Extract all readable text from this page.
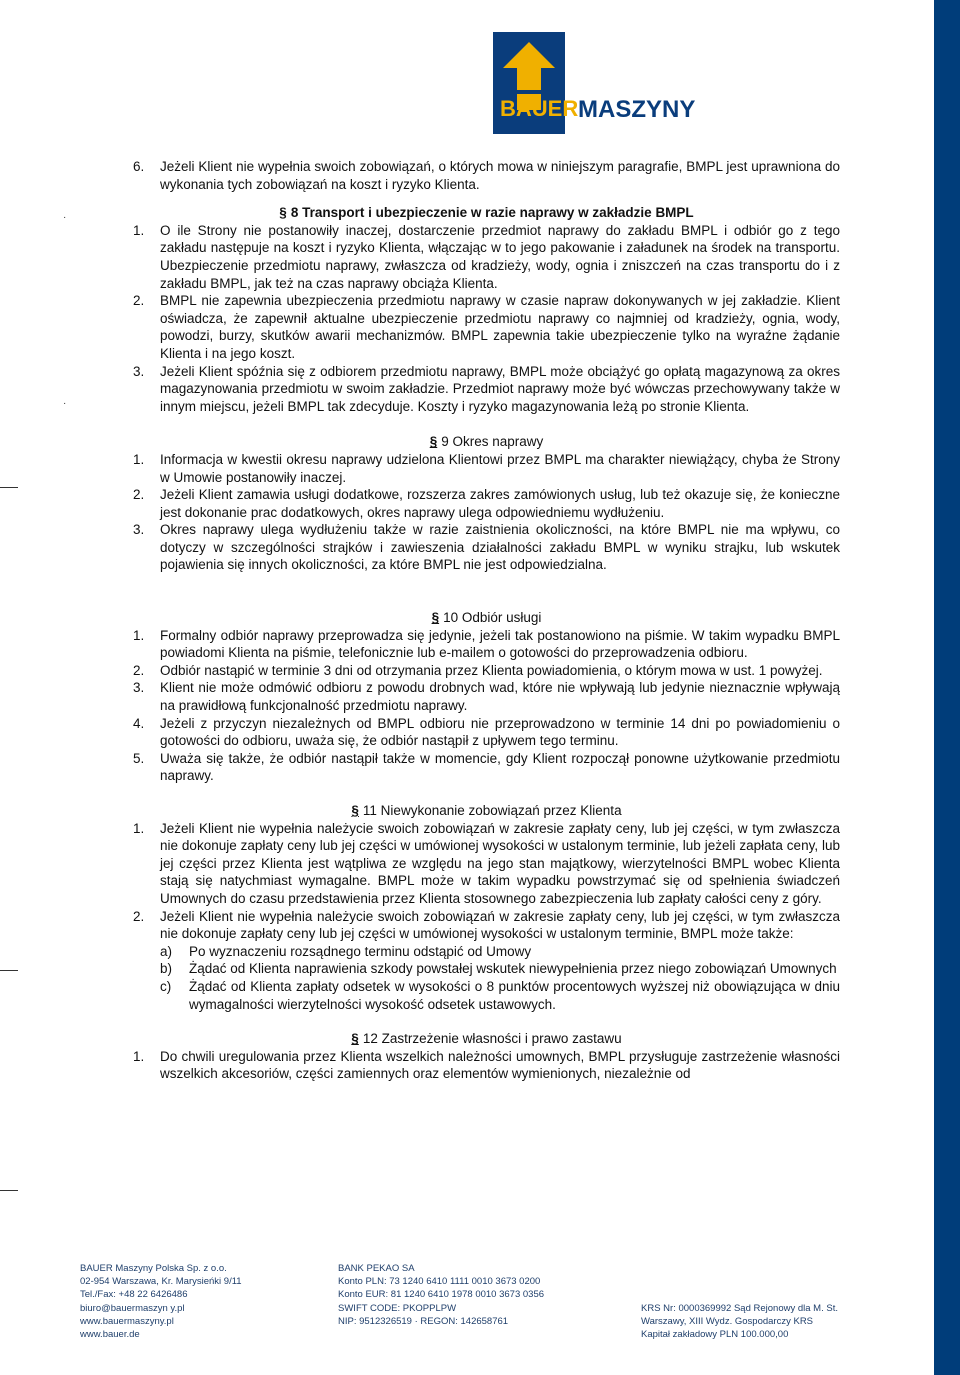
BAUER MASZYNY
·
·
6.	Jeżeli Klient nie wypełnia swoich zobowiązań, o których mowa w niniejszym paragrafie, BMPL jest uprawniona do wykonania tych zobowiązań na koszt i ryzyko Klienta.
§ 8 Transport i ubezpieczenie w razie naprawy w zakładzie BMPL
1.	O ile Strony nie postanowiły inaczej, dostarczenie przedmiot naprawy do zakładu BMPL i odbiór go z tego zakładu następuje na koszt i ryzyko Klienta, włączając w to jego pakowanie i załadunek na środek na transportu. Ubezpieczenie przedmiotu naprawy, zwłaszcza od kradzieży, wody, ognia i zniszczeń na czas transportu do i z zakładu BMPL, jak też na czas naprawy obciąża Klienta.
2.	BMPL nie zapewnia ubezpieczenia przedmiotu naprawy w czasie napraw dokonywanych w jej zakładzie. Klient oświadcza, że zapewnił aktualne ubezpieczenie przedmiotu naprawy co najmniej od kradzieży, ognia, wody, powodzi, burzy, skutków awarii mechanizmów. BMPL zapewnia takie ubezpieczenie tylko na wyraźne żądanie Klienta i na jego koszt.
3.	Jeżeli Klient spóźnia się z odbiorem przedmiotu naprawy, BMPL może obciążyć go opłatą magazynową za okres magazynowania przedmiotu w swoim zakładzie. Przedmiot naprawy może być wówczas przechowywany także w innym miejscu, jeżeli BMPL tak zdecyduje. Koszty i ryzyko magazynowania leżą po stronie Klienta.
§ 9 Okres naprawy
1.	Informacja w kwestii okresu naprawy udzielona Klientowi przez BMPL ma charakter niewiążący, chyba że Strony w Umowie postanowiły inaczej.
2.	Jeżeli Klient zamawia usługi dodatkowe, rozszerza zakres zamówionych usług, lub też okazuje się, że konieczne jest dokonanie prac dodatkowych, okres naprawy ulega odpowiedniemu wydłużeniu.
3.	Okres naprawy ulega wydłużeniu także w razie zaistnienia okoliczności, na które BMPL nie ma wpływu, co dotyczy w szczególności strajków i zawieszenia działalności zakładu BMPL w wyniku strajku, lub wskutek pojawienia się innych okoliczności, za które BMPL nie jest odpowiedzialna.
§ 10 Odbiór usługi
1.	Formalny odbiór naprawy przeprowadza się jedynie, jeżeli tak postanowiono na piśmie. W takim wypadku BMPL powiadomi Klienta na piśmie, telefonicznie lub e-mailem o gotowości do przeprowadzenia odbioru.
2.	Odbiór nastąpić w terminie 3 dni od otrzymania przez Klienta powiadomienia, o którym mowa w ust. 1 powyżej.
3.	Klient nie może odmówić odbioru z powodu drobnych wad, które nie wpływają lub jedynie nieznacznie wpływają na prawidłową funkcjonalność przedmiotu naprawy.
4.	Jeżeli z przyczyn niezależnych od BMPL odbioru nie przeprowadzono w terminie 14 dni po powiadomieniu o gotowości do odbioru, uważa się, że odbiór nastąpił z upływem tego terminu.
5.	Uważa się także, że odbiór nastąpił także w momencie, gdy Klient rozpoczął ponowne użytkowanie przedmiotu naprawy.
§ 11 Niewykonanie zobowiązań przez Klienta
1.	Jeżeli Klient nie wypełnia należycie swoich zobowiązań w zakresie zapłaty ceny, lub jej części, w tym zwłaszcza nie dokonuje zapłaty ceny lub jej części w umówionej wysokości w ustalonym terminie, lub jeżeli zapłata ceny, lub jej części przez Klienta jest wątpliwa ze względu na jego stan majątkowy, wierzytelności BMPL wobec Klienta stają się natychmiast wymagalne. BMPL może w takim wypadku powstrzymać się od spełnienia świadczeń Umownych do czasu przedstawienia przez Klienta stosownego zabezpieczenia lub zapłaty całości ceny z góry.
2.	Jeżeli Klient nie wypełnia należycie swoich zobowiązań w zakresie zapłaty ceny, lub jej części, w tym zwłaszcza nie dokonuje zapłaty ceny lub jej części w umówionej wysokości w ustalonym terminie, BMPL może także:
a)	Po wyznaczeniu rozsądnego terminu odstąpić od Umowy
b)	Żądać od Klienta naprawienia szkody powstałej wskutek niewypełnienia przez niego zobowiązań Umownych
c)	Żądać od Klienta zapłaty odsetek w wysokości o 8 punktów procentowych wyższej niż obowiązująca w dniu wymagalności wierzytelności wysokość odsetek ustawowych.
§ 12 Zastrzeżenie własności i prawo zastawu
1.	Do chwili uregulowania przez Klienta wszelkich należności umownych, BMPL przysługuje zastrzeżenie własności wszelkich akcesoriów, części zamiennych oraz elementów wymienionych, niezależnie od
BAUER Maszyny Polska Sp. z o.o.
02-954 Warszawa, Kr. Marysieńki 9/11
Tel./Fax: +48 22 6426486
biuro@bauermaszyn y.pl
www.bauermaszyny.pl
www.bauer.de
BANK PEKAO SA
Konto PLN: 73 1240 6410 1111 0010 3673 0200
Konto EUR: 81 1240 6410 1978 0010 3673 0356
SWIFT CODE: PKOPPLPW
NIP: 9512326519 · REGON: 142658761
KRS Nr: 0000369992 Sąd Rejonowy dla M. St.
Warszawy, XIII Wydz. Gospodarczy KRS
Kapitał zakładowy PLN 100.000,00
